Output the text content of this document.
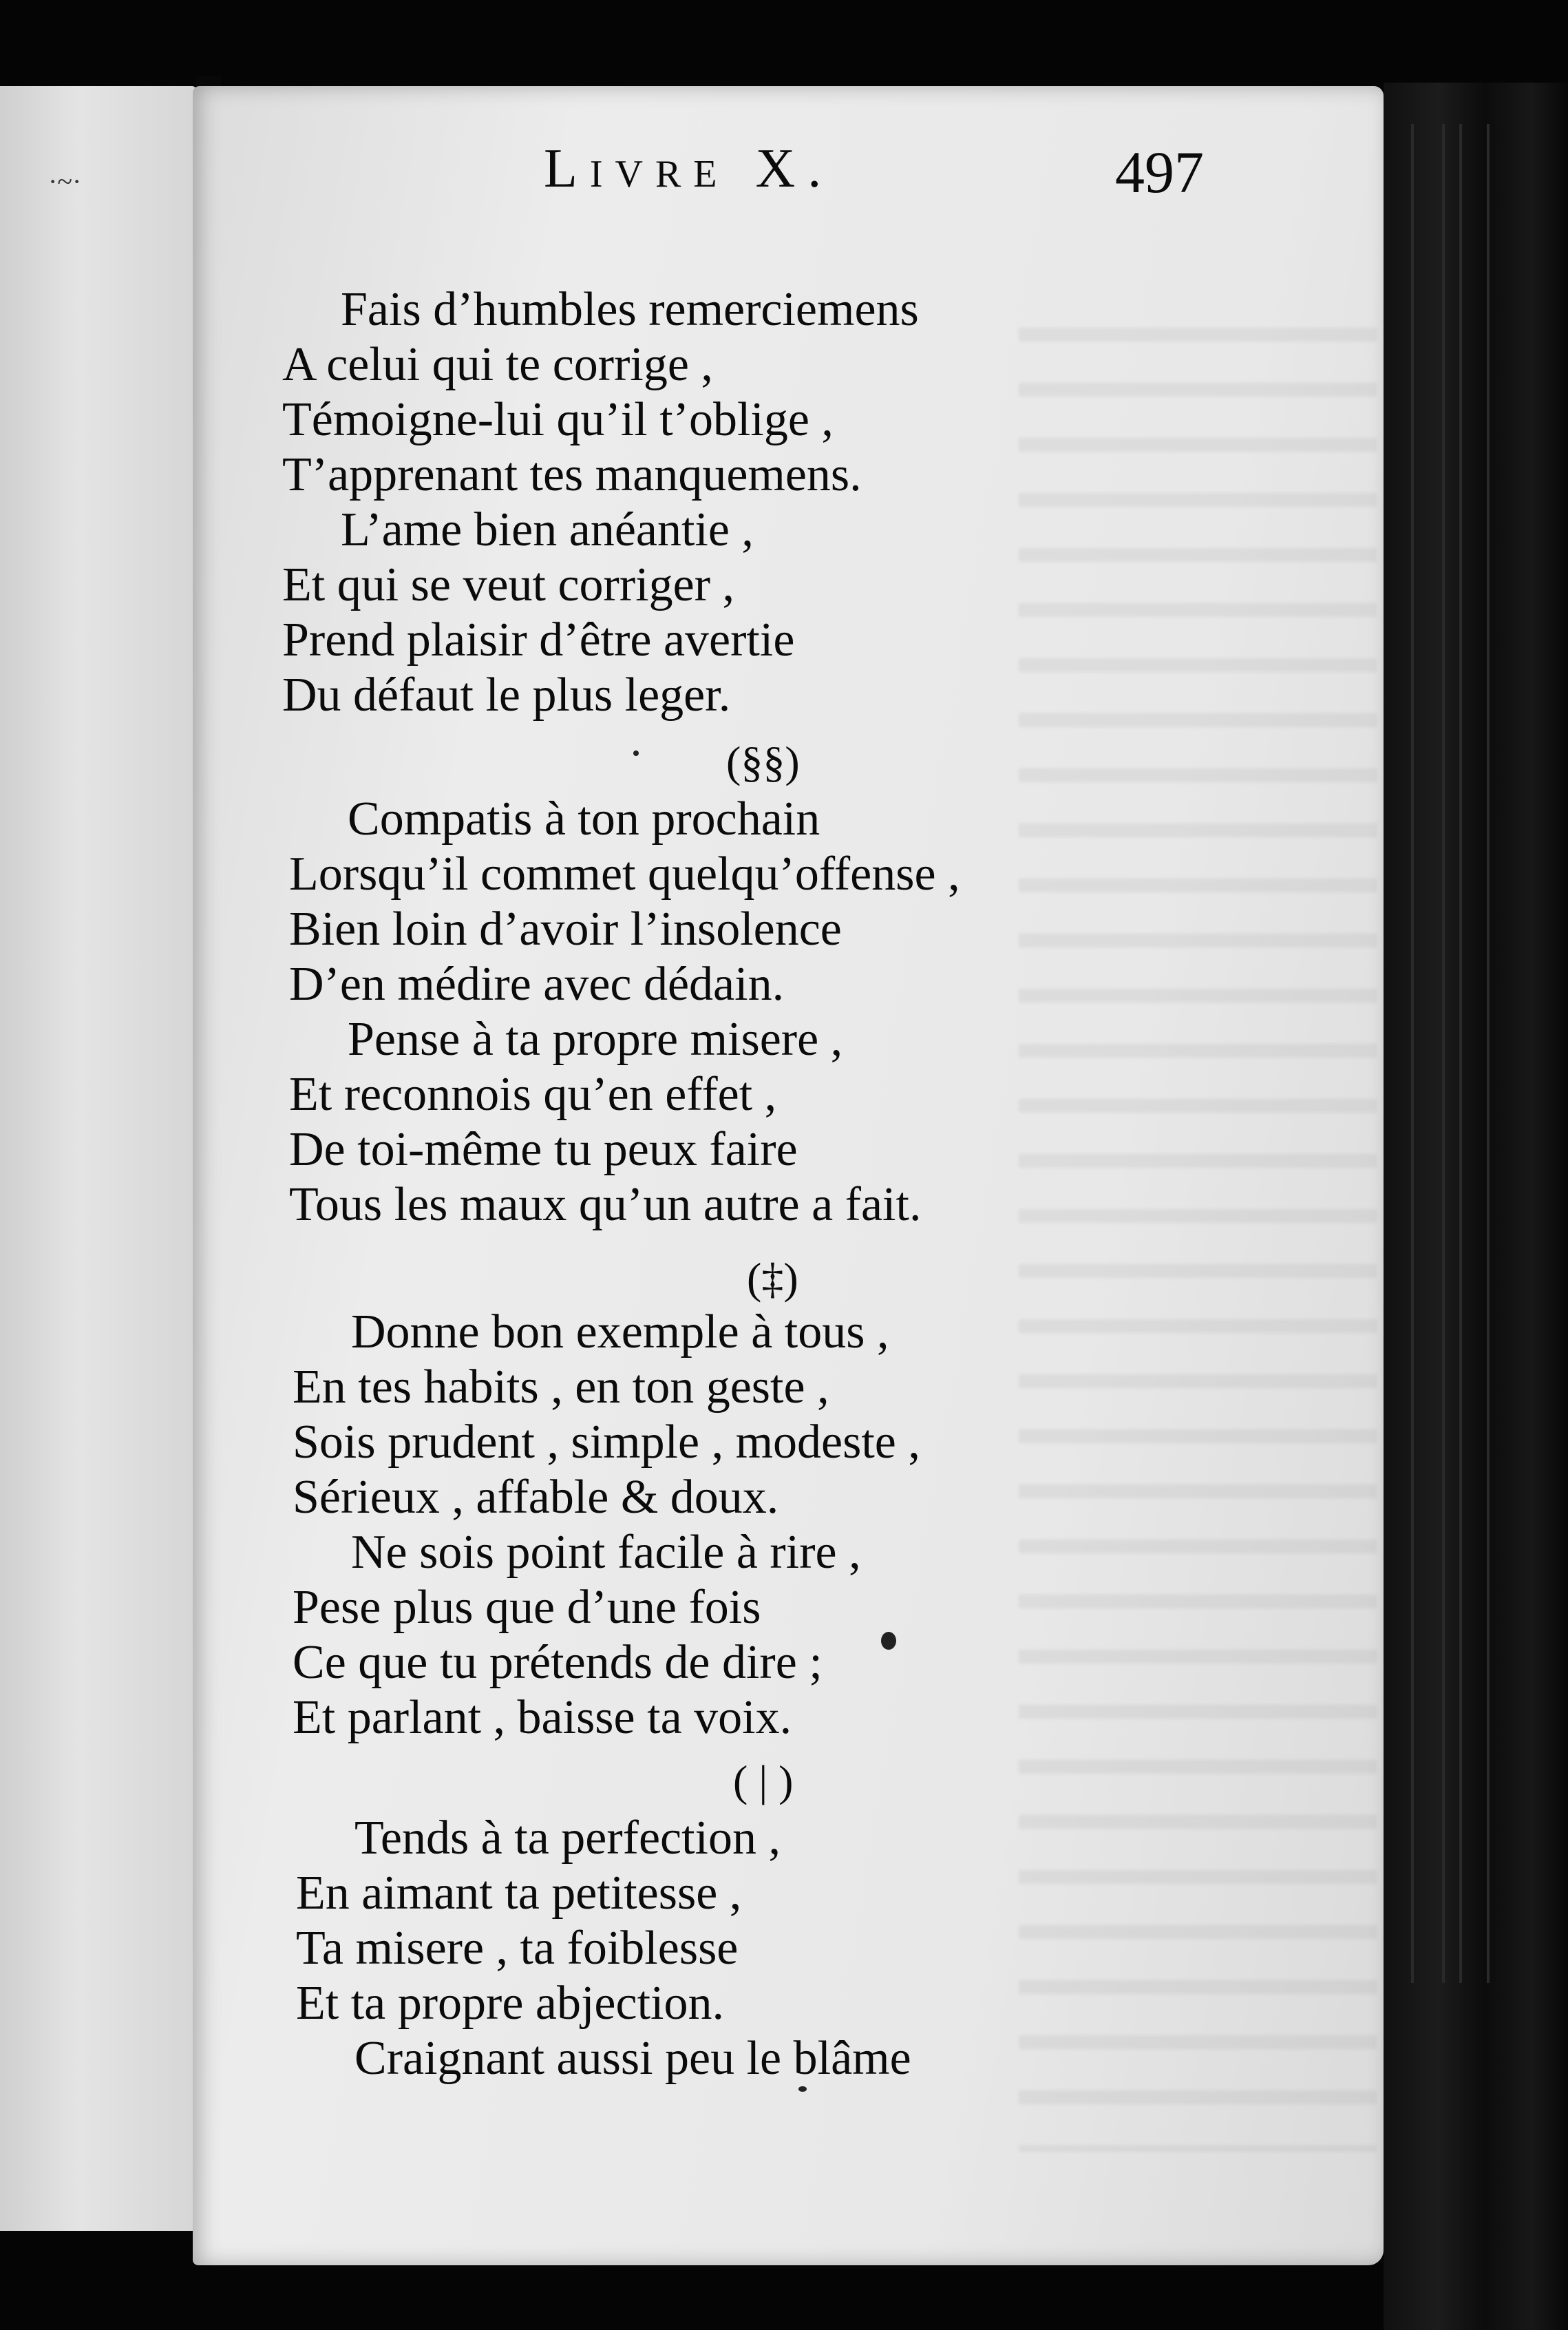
·~·	Livre X.	497
Fais d’humbles remerciemens
A celui qui te corrige ,
Témoigne-lui qu’il t’oblige ,
T’apprenant tes manquemens.
L’ame bien anéantie ,
Et qui se veut corriger ,
Prend plaisir d’être avertie
Du défaut le plus leger.
(§§)
Compatis à ton prochain
Lorsqu’il commet quelqu’offense ,
Bien loin d’avoir l’insolence
D’en médire avec dédain.
Pense à ta propre misere ,
Et reconnois qu’en effet ,
De toi-même tu peux faire
Tous les maux qu’un autre a fait.
(‡)
Donne bon exemple à tous ,
En tes habits , en ton geste ,
Sois prudent , simple , modeste ,
Sérieux , affable & doux.
Ne sois point facile à rire ,
Pese plus que d’une fois
Ce que tu prétends de dire ;
Et parlant , baisse ta voix.
( | )
Tends à ta perfection ,
En aimant ta petitesse ,
Ta misere , ta foiblesse
Et ta propre abjection.
Craignant aussi peu le blâme
